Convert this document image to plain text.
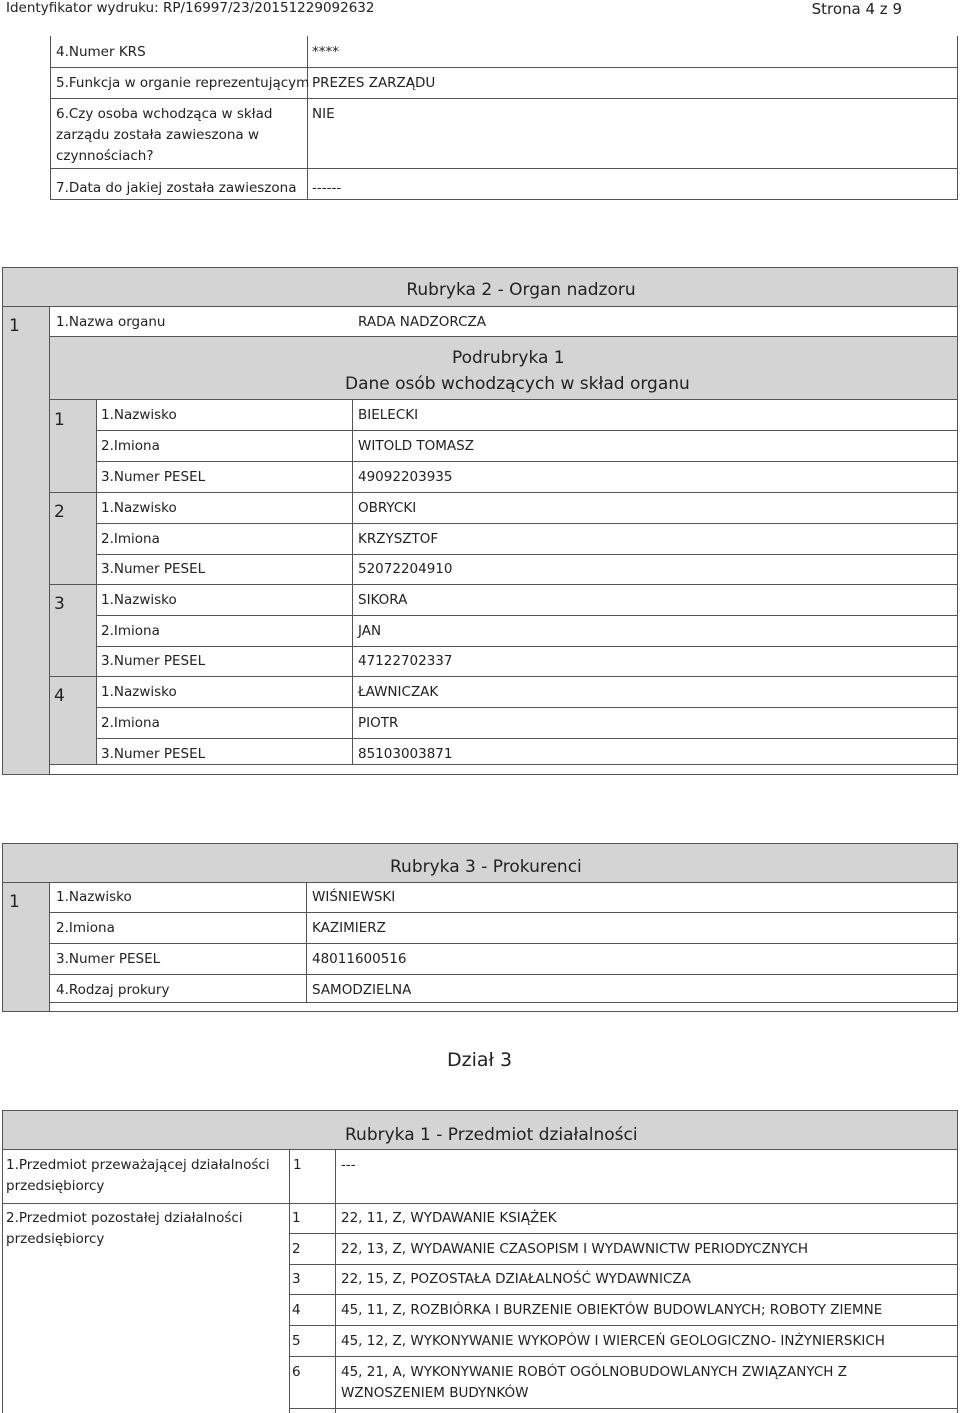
Identyfikator wydruku: RP/16997/23/20151229092632	Strona 4 z 9
4.Numer KRS	****
5.Funkcja w organie reprezentującym PREZES ZARZĄDU
6.Czy osoba wchodząca w skład zarządu została zawieszona w czynnościach?
NIE
7.Data do jakiej została zawieszona ------
Rubryka 2 - Organ nadzoru
1	1.Nazwa organu	RADA NADZORCZA
Podrubryka 1
Dane osób wchodzących w skład organu
1	1.Nazwisko	BIELECKI
2.Imiona	WITOLD TOMASZ
3.Numer PESEL	49092203935
2	1.Nazwisko	OBRYCKI
2.Imiona	KRZYSZTOF
3.Numer PESEL	52072204910
3	1.Nazwisko	SIKORA
2.Imiona	JAN
3.Numer PESEL	47122702337
4	1.Nazwisko	ŁAWNICZAK
2.Imiona	PIOTR
3.Numer PESEL	85103003871
Rubryka 3 - Prokurenci
1	1.Nazwisko	WIŚNIEWSKI
2.Imiona	KAZIMIERZ
3.Numer PESEL	48011600516
4.Rodzaj prokury	SAMODZIELNA
Dział 3
Rubryka 1 - Przedmiot działalności
1.Przedmiot przeważającej działalności przedsiębiorcy
1	---
2.Przedmiot pozostałej działalności przedsiębiorcy
1	22, 11, Z, WYDAWANIE KSIĄŻEK
2	22, 13, Z, WYDAWANIE CZASOPISM I WYDAWNICTW PERIODYCZNYCH
3	22, 15, Z, POZOSTAŁA DZIAŁALNOŚĆ WYDAWNICZA
4	45, 11, Z, ROZBIÓRKA I BURZENIE OBIEKTÓW BUDOWLANYCH; ROBOTY ZIEMNE
5	45, 12, Z, WYKONYWANIE WYKOPÓW I WIERCEŃ GEOLOGICZNO- INŻYNIERSKICH
6	45, 21, A, WYKONYWANIE ROBÓT OGÓLNOBUDOWLANYCH ZWIĄZANYCH Z WZNOSZENIEM BUDYNKÓW
